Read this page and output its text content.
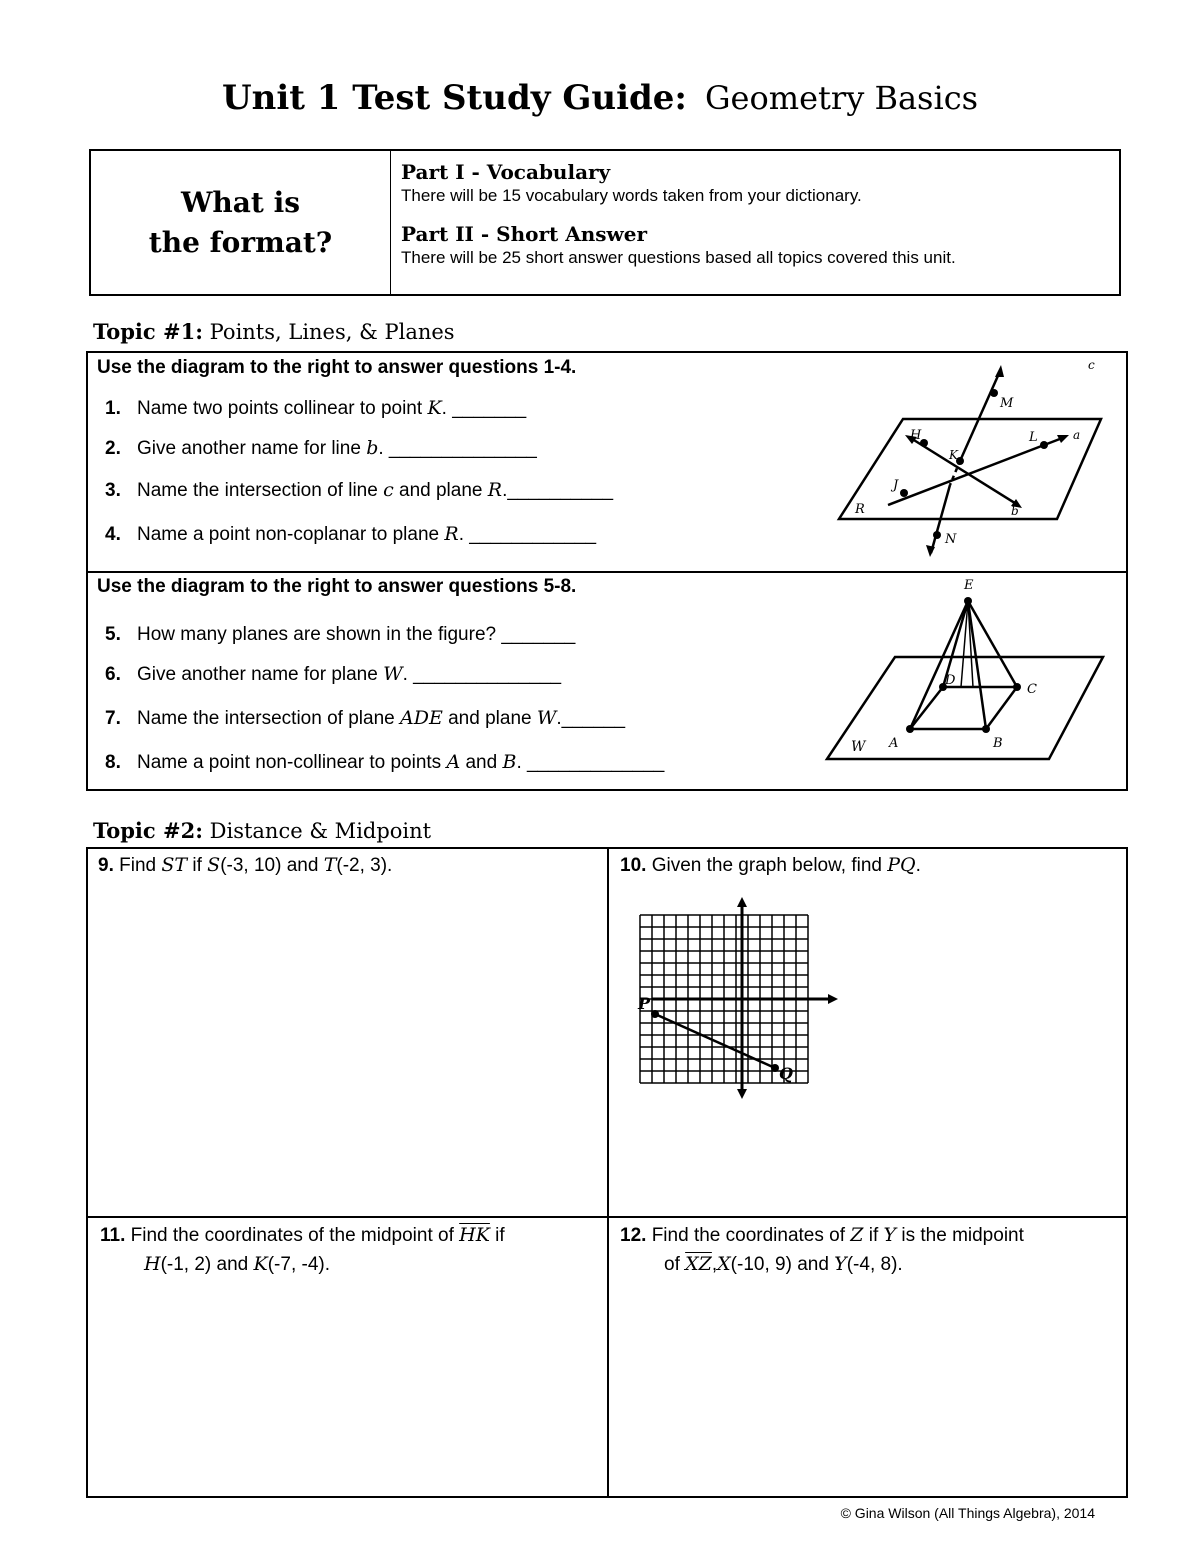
Unit 1 Test Study Guide: Geometry Basics
What is
the format?
Part I - Vocabulary
There will be 15 vocabulary words taken from your dictionary.
Part II - Short Answer
There will be 25 short answer questions based all topics covered this unit.
Topic #1: Points, Lines, & Planes
Use the diagram to the right to answer questions 1-4.
1. Name two points collinear to point K. _______
2. Give another name for line b. ______________
3. Name the intersection of line c and plane R.__________
4. Name a point non-coplanar to plane R. ____________
c
M
H	L	a
K
J
R	b
N
Use the diagram to the right to answer questions 5-8.
5. How many planes are shown in the figure? _______
6. Give another name for plane W. ______________
7. Name the intersection of plane ADE and plane W.______
8. Name a point non-collinear to points A and B. _____________
E
D
C
W A	B
Topic #2: Distance & Midpoint
9. Find ST if S(-3, 10) and T(-2, 3).	10. Given the graph below, find PQ.
P
Q
11. Find the coordinates of the midpoint of $\overline{HK}$ if
H(-1, 2) and K(-7, -4).
12. Find the coordinates of Z if Y is the midpoint
of $\overline{XZ},X(-10$, 9) and Y(-4, 8).
© Gina Wilson (All Things Algebra), 2014
